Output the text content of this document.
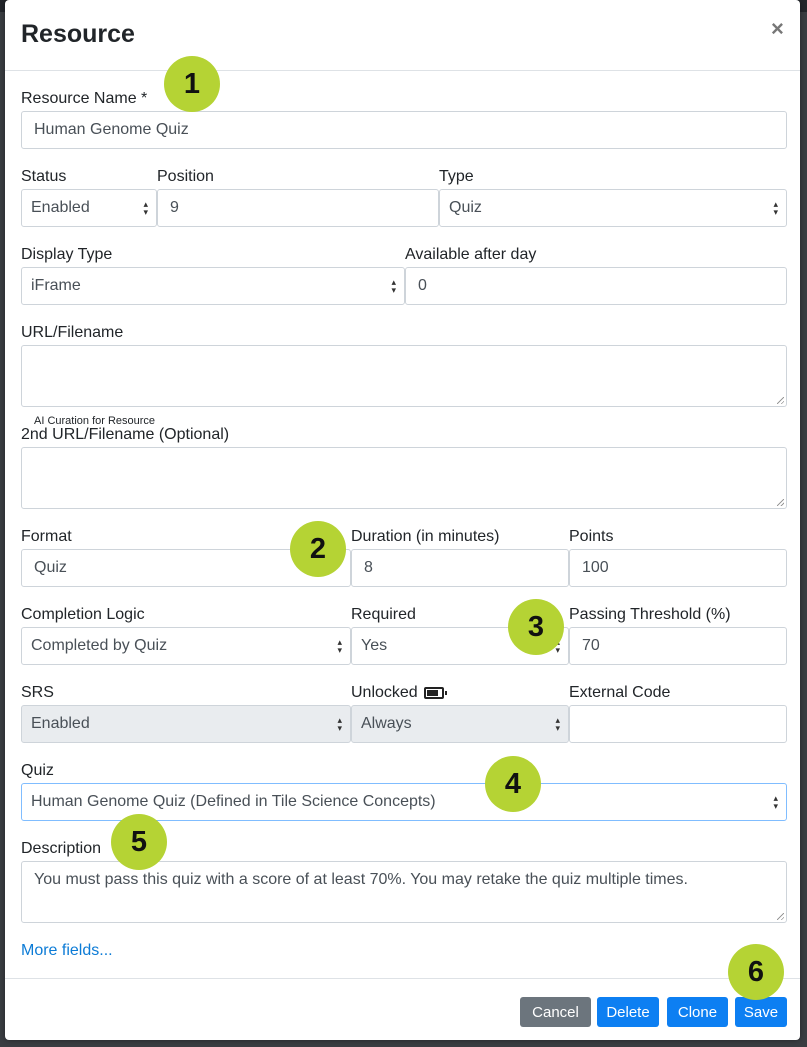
Resource	×
Resource Name *
Human Genome Quiz
Status
Enabled
▴ ▾
Position
9
Type
Quiz
▴ ▾
Display Type
iFrame
▴ ▾
Available after day
0
URL/Filename
AI Curation for Resource
2nd URL/Filename (Optional)
Format
Quiz
Duration (in minutes)
8
Points
100
Completion Logic
Completed by Quiz
▴ ▾
Required
Yes
▴ ▾
Passing Threshold (%)
70
SRS
Enabled
▴ ▾
Unlocked
Always
▴ ▾
External Code
Quiz
Human Genome Quiz (Defined in Tile Science Concepts)
▴ ▾
Description
You must pass this quiz with a score of at least 70%. You may retake the quiz multiple times.
More fields...
Cancel	Delete	Clone	Save
1
2
3
4
5
6
